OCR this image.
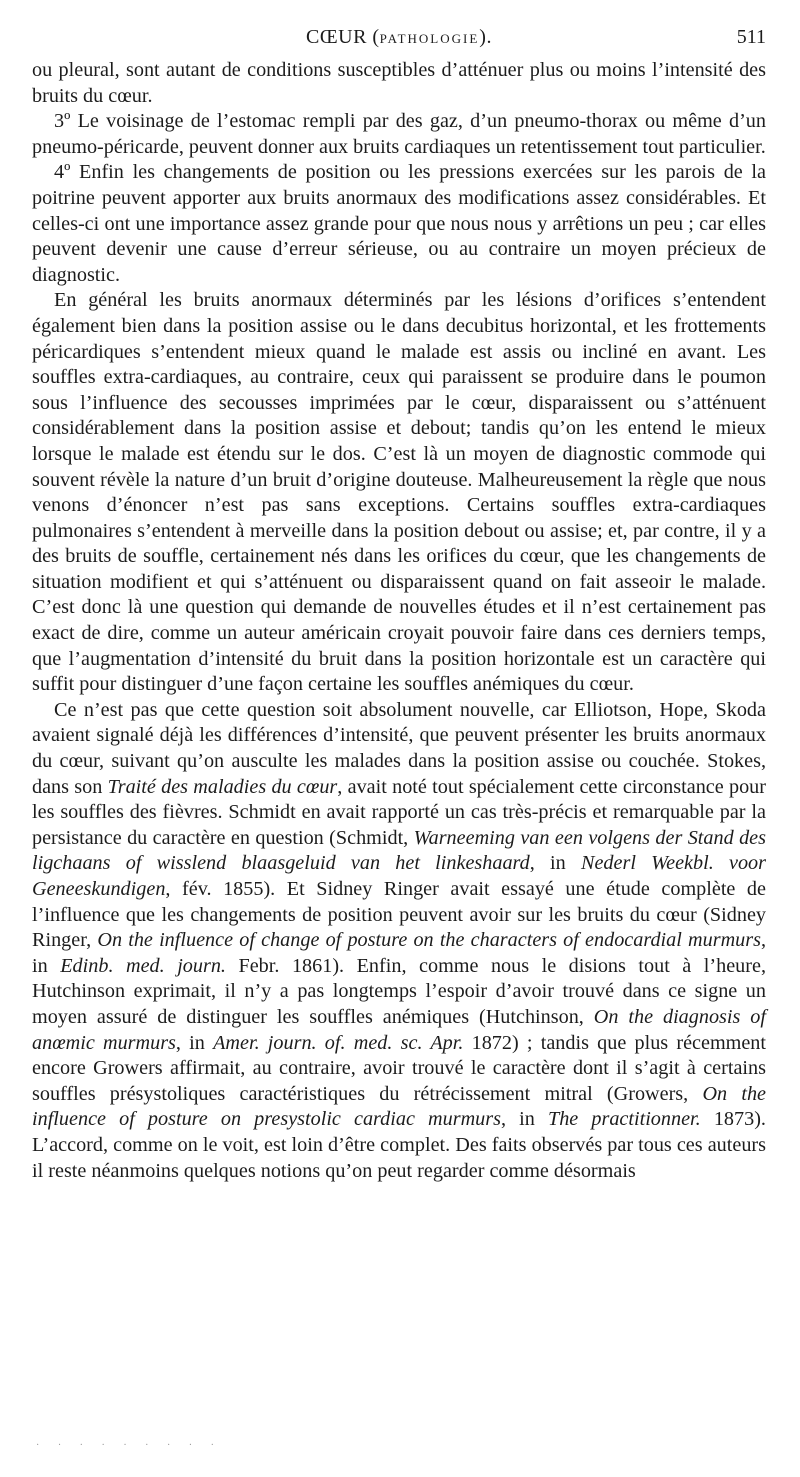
CŒUR (PATHOLOGIE).	511

ou pleural, sont autant de conditions susceptibles d’atténuer plus ou moins l’intensité des bruits du cœur.

3º Le voisinage de l’estomac rempli par des gaz, d’un pneumo-thorax ou même d’un pneumo-péricarde, peuvent donner aux bruits cardiaques un retentissement tout particulier.

4º Enfin les changements de position ou les pressions exercées sur les parois de la poitrine peuvent apporter aux bruits anormaux des modifications assez considérables. Et celles-ci ont une importance assez grande pour que nous nous y arrêtions un peu ; car elles peuvent devenir une cause d’erreur sérieuse, ou au contraire un moyen précieux de diagnostic.

En général les bruits anormaux déterminés par les lésions d’orifices s’entendent également bien dans la position assise ou le dans decubitus horizontal, et les frottements péricardiques s’entendent mieux quand le malade est assis ou incliné en avant. Les souffles extra-cardiaques, au contraire, ceux qui paraissent se produire dans le poumon sous l’influence des secousses imprimées par le cœur, disparaissent ou s’atténuent considérablement dans la position assise et debout; tandis qu’on les entend le mieux lorsque le malade est étendu sur le dos. C’est là un moyen de diagnostic commode qui souvent révèle la nature d’un bruit d’origine douteuse. Malheureusement la règle que nous venons d’énoncer n’est pas sans exceptions. Certains souffles extra-cardiaques pulmonaires s’entendent à merveille dans la position debout ou assise; et, par contre, il y a des bruits de souffle, certainement nés dans les orifices du cœur, que les changements de situation modifient et qui s’atténuent ou disparaissent quand on fait asseoir le malade. C’est donc là une question qui demande de nouvelles études et il n’est certainement pas exact de dire, comme un auteur américain croyait pouvoir faire dans ces derniers temps, que l’augmentation d’intensité du bruit dans la position horizontale est un caractère qui suffit pour distinguer d’une façon certaine les souffles anémiques du cœur.

Ce n’est pas que cette question soit absolument nouvelle, car Elliotson, Hope, Skoda avaient signalé déjà les différences d’intensité, que peuvent présenter les bruits anormaux du cœur, suivant qu’on ausculte les malades dans la position assise ou couchée. Stokes, dans son Traité des maladies du cœur, avait noté tout spécialement cette circonstance pour les souffles des fièvres. Schmidt en avait rapporté un cas très-précis et remarquable par la persistance du caractère en question (Schmidt, Warneeming van een volgens der Stand des ligchaans of wisslend blaasgeluid van het linkeshaard, in Nederl Weekbl. voor Geneeskundigen, fév. 1855). Et Sidney Ringer avait essayé une étude complète de l’influence que les changements de position peuvent avoir sur les bruits du cœur (Sidney Ringer, On the influence of change of posture on the characters of endocardial murmurs, in Edinb. med. journ. Febr. 1861). Enfin, comme nous le disions tout à l’heure, Hutchinson exprimait, il n’y a pas longtemps l’espoir d’avoir trouvé dans ce signe un moyen assuré de distinguer les souffles anémiques (Hutchinson, On the diagnosis of anœmic murmurs, in Amer. journ. of. med. sc. Apr. 1872) ; tandis que plus récemment encore Growers affirmait, au contraire, avoir trouvé le caractère dont il s’agit à certains souffles présystoliques caractéristiques du rétrécissement mitral (Growers, On the influence of posture on presystolic cardiac murmurs, in The practitionner. 1873). L’accord, comme on le voit, est loin d’être complet. Des faits observés par tous ces auteurs il reste néanmoins quelques notions qu’on peut regarder comme désormais

· · · · · · · · ·
